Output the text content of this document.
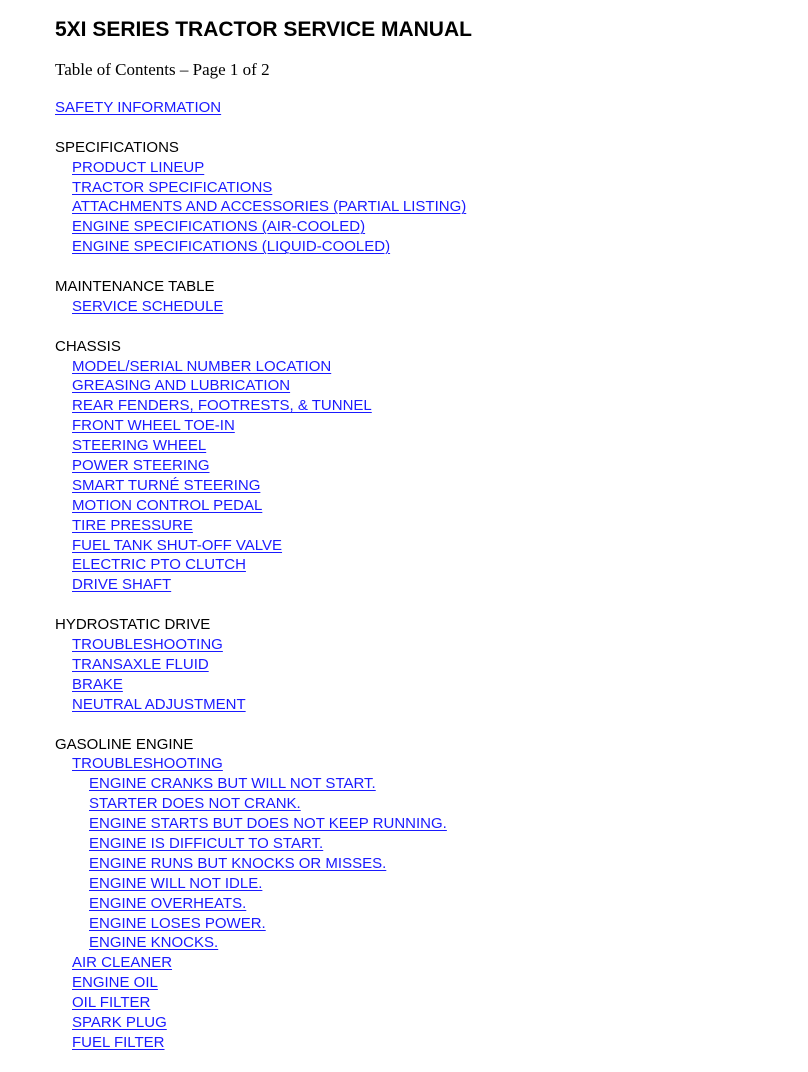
5XI SERIES TRACTOR SERVICE MANUAL

Table of Contents – Page 1 of 2

SAFETY INFORMATION
SPECIFICATIONS
PRODUCT LINEUP
TRACTOR SPECIFICATIONS
ATTACHMENTS AND ACCESSORIES (PARTIAL LISTING)
ENGINE SPECIFICATIONS (AIR-COOLED)
ENGINE SPECIFICATIONS (LIQUID-COOLED)
MAINTENANCE TABLE
SERVICE SCHEDULE
CHASSIS
MODEL/SERIAL NUMBER LOCATION
GREASING AND LUBRICATION
REAR FENDERS, FOOTRESTS, & TUNNEL
FRONT WHEEL TOE-IN
STEERING WHEEL
POWER STEERING
SMART TURNÉ STEERING
MOTION CONTROL PEDAL
TIRE PRESSURE
FUEL TANK SHUT-OFF VALVE
ELECTRIC PTO CLUTCH
DRIVE SHAFT
HYDROSTATIC DRIVE
TROUBLESHOOTING
TRANSAXLE FLUID
BRAKE
NEUTRAL ADJUSTMENT
GASOLINE ENGINE
TROUBLESHOOTING
ENGINE CRANKS BUT WILL NOT START.
STARTER DOES NOT CRANK.
ENGINE STARTS BUT DOES NOT KEEP RUNNING.
ENGINE IS DIFFICULT TO START.
ENGINE RUNS BUT KNOCKS OR MISSES.
ENGINE WILL NOT IDLE.
ENGINE OVERHEATS.
ENGINE LOSES POWER.
ENGINE KNOCKS.
AIR CLEANER
ENGINE OIL
OIL FILTER
SPARK PLUG
FUEL FILTER
